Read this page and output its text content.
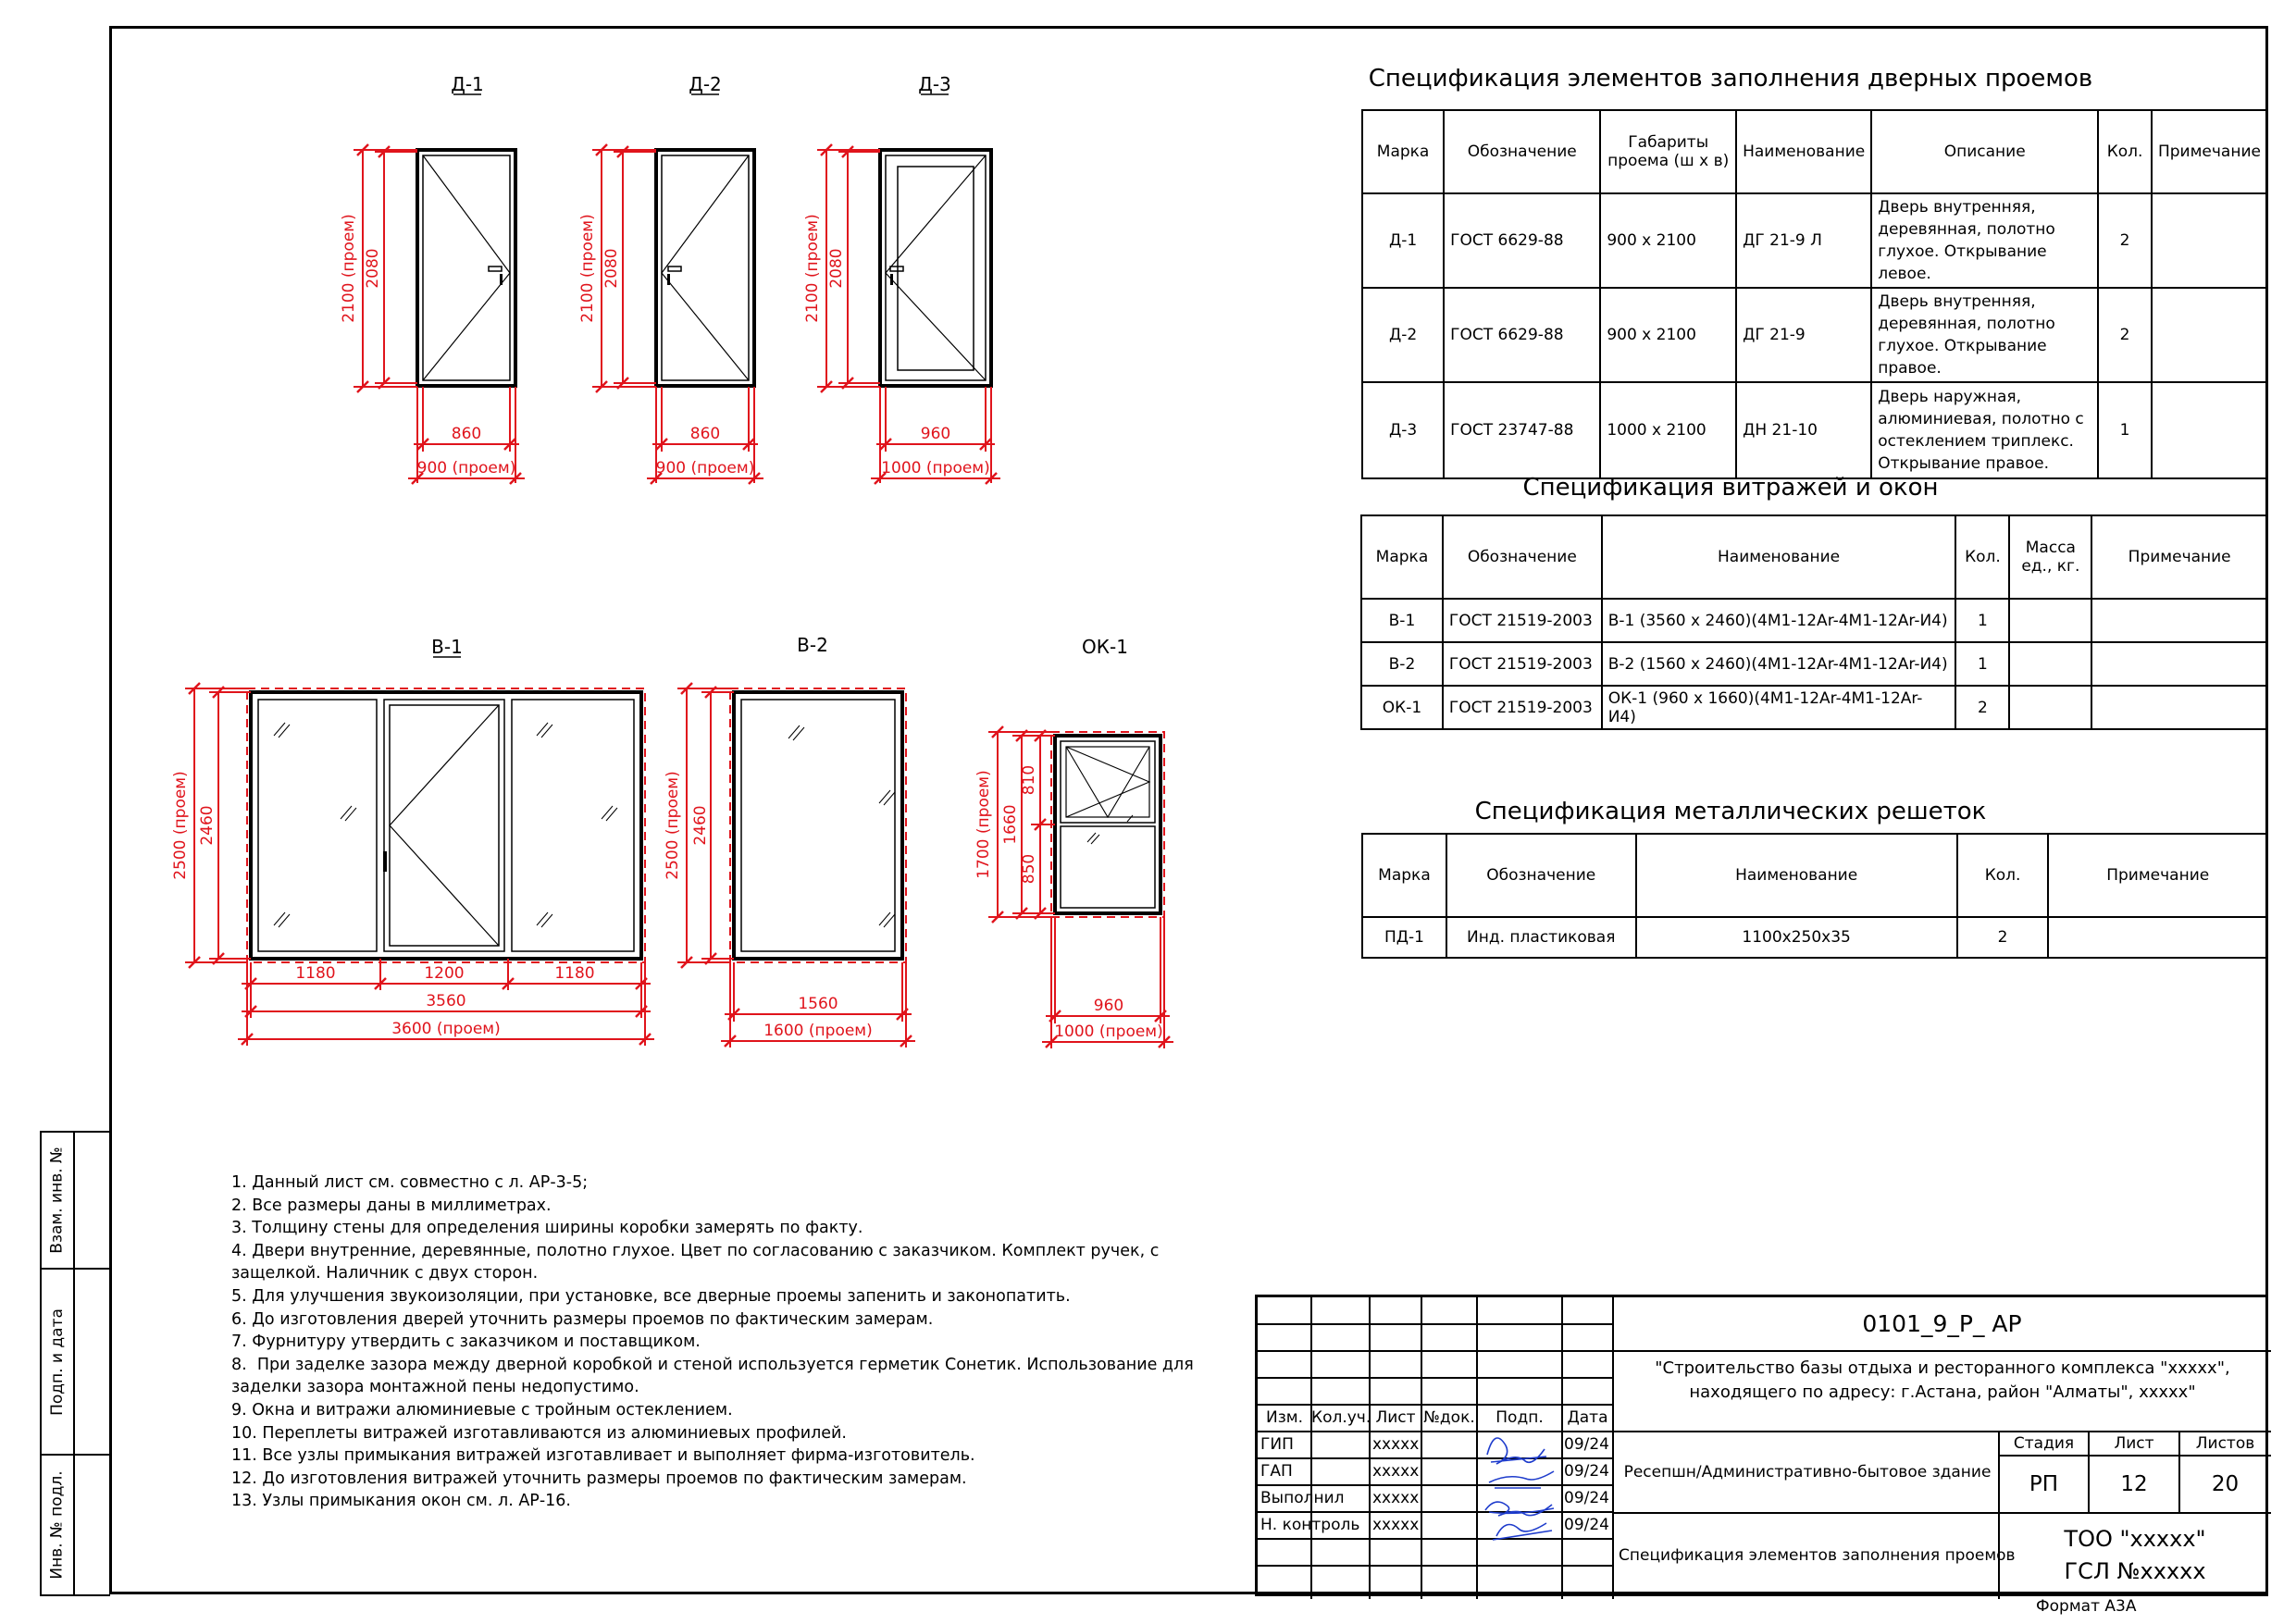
Взам. инв. №
Подп. и дата
Инв. № подл.
Д-1
2100 (проем) 2080
860
900 (проем)
Д-2
2100 (проем) 2080
860
900 (проем)
Д-3
2100 (проем) 2080
960
1000 (проем)
В-1
2500 (проем) 2460
1180	1200	1180
3560
3600 (проем)
В-2
2500 (проем) 2460
1560
1600 (проем)
ОК-1
1700 (проем) 1660
810
850
960
1000 (проем)
Спецификация элементов заполнения дверных проемов
Марка	Обозначение	Габариты проема (ш х в)	Наименование	Описание	Кол.	Примечание
Д-1	ГОСТ 6629-88	900 х 2100	ДГ 21-9 Л	Дверь внутренняя, деревянная, полотно глухое. Открывание левое.	2	
Д-2	ГОСТ 6629-88	900 х 2100	ДГ 21-9	Дверь внутренняя, деревянная, полотно глухое. Открывание правое.	2	
Д-3	ГОСТ 23747-88	1000 х 2100	ДН 21-10	Дверь наружная, алюминиевая, полотно с остеклением триплекс. Открывание правое.	1	
Спецификация витражей и окон
Марка	Обозначение	Наименование	Кол.	Масса ед., кг.	Примечание
В-1	ГОСТ 21519-2003	В-1 (3560 х 2460)(4М1-12Аr-4М1-12Аr-И4)	1		
В-2	ГОСТ 21519-2003	В-2 (1560 х 2460)(4М1-12Аr-4М1-12Аr-И4)	1		
ОК-1	ГОСТ 21519-2003	ОК-1 (960 х 1660)(4М1-12Аr-4М1-12Аr-И4)	2		
Спецификация металлических решеток
Марка	Обозначение	Наименование	Кол.	Примечание
ПД-1	Инд. пластиковая	1100х250х35	2	
1. Данный лист см. совместно с л. АР-3-5;
2. Все размеры даны в миллиметрах.
3. Толщину стены для определения ширины коробки замерять по факту.
4. Двери внутренние, деревянные, полотно глухое. Цвет по согласованию с заказчиком. Комплект ручек, с
защелкой. Наличник с двух сторон.
5. Для улучшения звукоизоляции, при установке, все дверные проемы запенить и законопатить.
6. До изготовления дверей уточнить размеры проемов по фактическим замерам.
7. Фурнитуру утвердить с заказчиком и поставщиком.
8.  При заделке зазора между дверной коробкой и стеной используется герметик Сонетик. Использование для
заделки зазора монтажной пены недопустимо.
9. Окна и витражи алюминиевые с тройным остеклением.
10. Переплеты витражей изготавливаются из алюминиевых профилей.
11. Все узлы примыкания витражей изготавливает и выполняет фирма-изготовитель.
12. До изготовления витражей уточнить размеры проемов по фактическим замерам.
13. Узлы примыкания окон см. л. АР-16.
0101_9_Р_ АР
"Строительство базы отдыха и ресторанного комплекса "ххххх", находящего по адресу: г.Астана, район "Алматы", ххххх"
Ресепшн/Административно-бытовое здание
Спецификация элементов заполнения проемов
Стадия	Лист	Листов
РП	12	20
ТОО "ххххх"
ГСЛ №ххххх
Изм. Кол.уч. Лист №док.	Подп.	Дата
ГИП	xxxxx	09/24
ГАП	xxxxx	09/24
Выполнил xxxxx	09/24
Н. контроль xxxxx	09/24
Формат А3А
